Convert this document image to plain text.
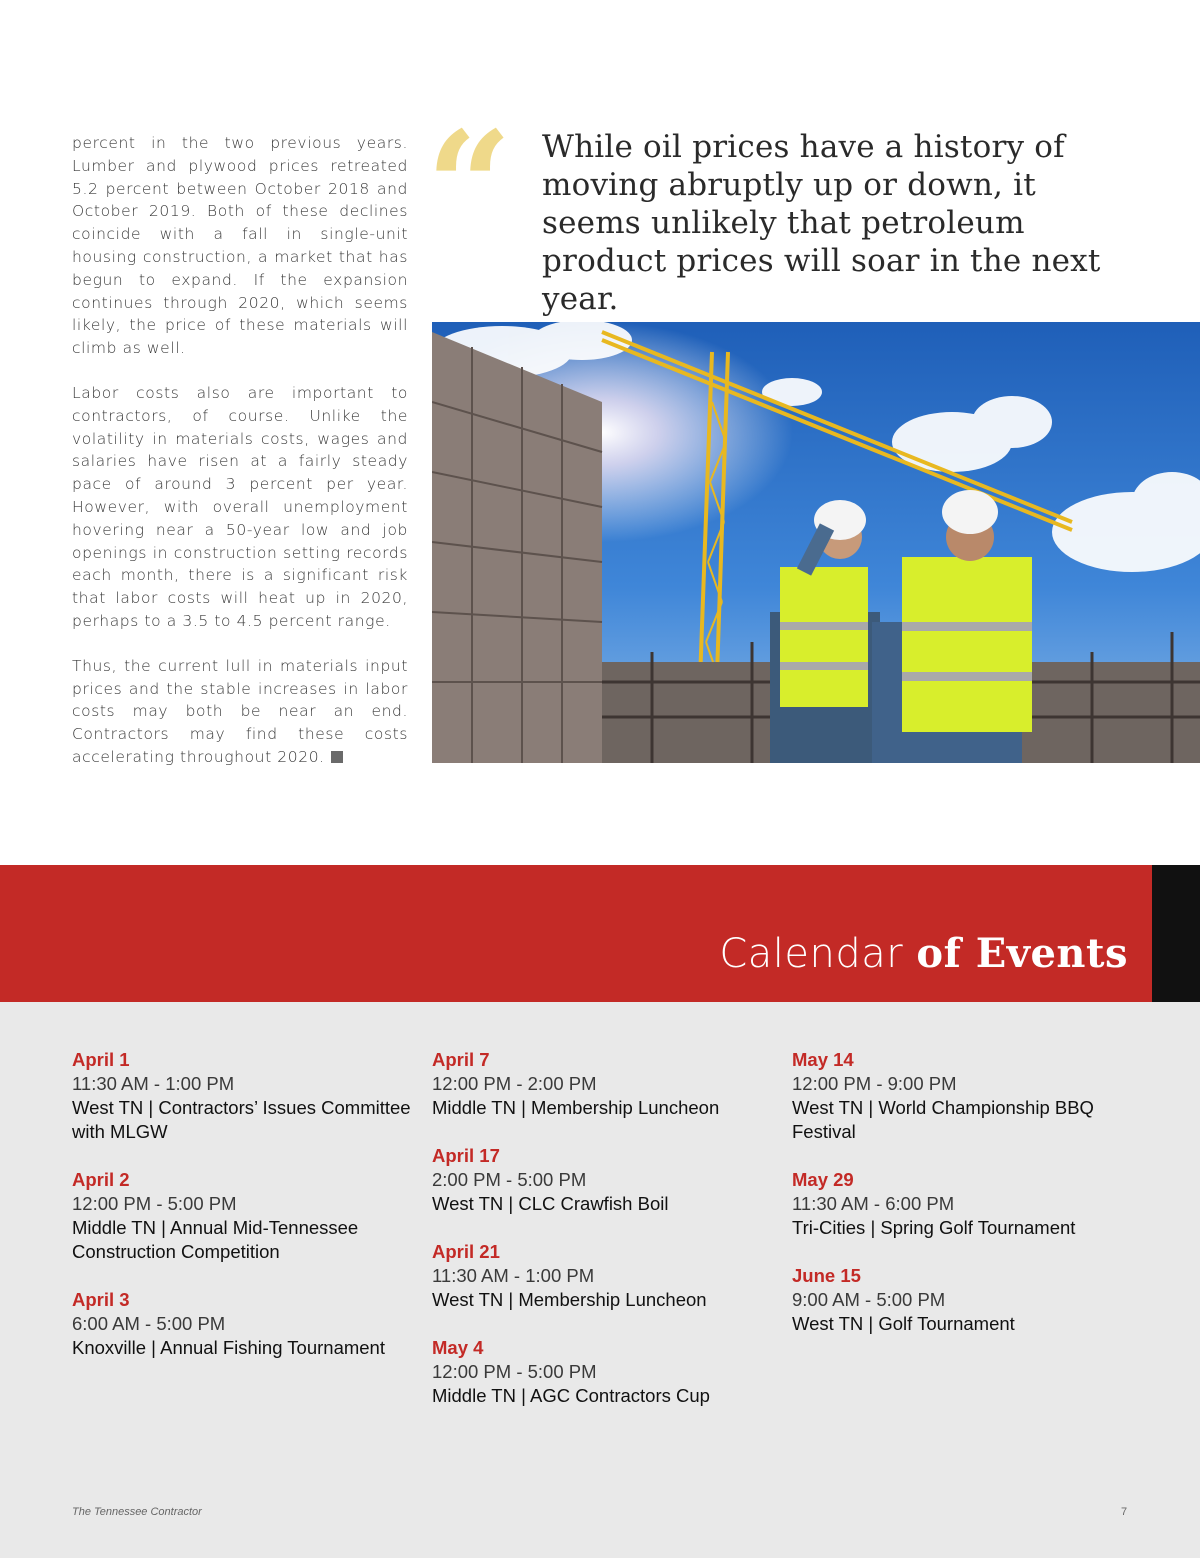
percent in the two previous years. Lumber and plywood prices retreated 5.2 percent between October 2018 and October 2019. Both of these declines coincide with a fall in single-unit housing construction, a market that has begun to expand. If the expansion continues through 2020, which seems likely, the price of these materials will climb as well.

Labor costs also are important to contractors, of course. Unlike the volatility in materials costs, wages and salaries have risen at a fairly steady pace of around 3 percent per year. However, with overall unemployment hovering near a 50-year low and job openings in construction setting records each month, there is a significant risk that labor costs will heat up in 2020, perhaps to a 3.5 to 4.5 percent range.

Thus, the current lull in materials input prices and the stable increases in labor costs may both be near an end. Contractors may find these costs accelerating throughout 2020.

“ While oil prices have a history of moving abruptly up or down, it seems unlikely that petroleum product prices will soar in the next year.
Calendar of Events
April 1
11:30 AM - 1:00 PM
West TN | Contractors’ Issues Committee with MLGW
April 2
12:00 PM - 5:00 PM
Middle TN | Annual Mid-Tennessee Construction Competition
April 3
6:00 AM - 5:00 PM
Knoxville | Annual Fishing Tournament
April 7
12:00 PM - 2:00 PM
Middle TN | Membership Luncheon
April 17
2:00 PM - 5:00 PM
West TN | CLC Crawfish Boil
April 21
11:30 AM - 1:00 PM
West TN | Membership Luncheon
May 4
12:00 PM - 5:00 PM
Middle TN | AGC Contractors Cup
May 14
12:00 PM - 9:00 PM
West TN | World Championship BBQ Festival
May 29
11:30 AM - 6:00 PM
Tri-Cities | Spring Golf Tournament
June 15
9:00 AM - 5:00 PM
West TN | Golf Tournament
The Tennessee Contractor	7
